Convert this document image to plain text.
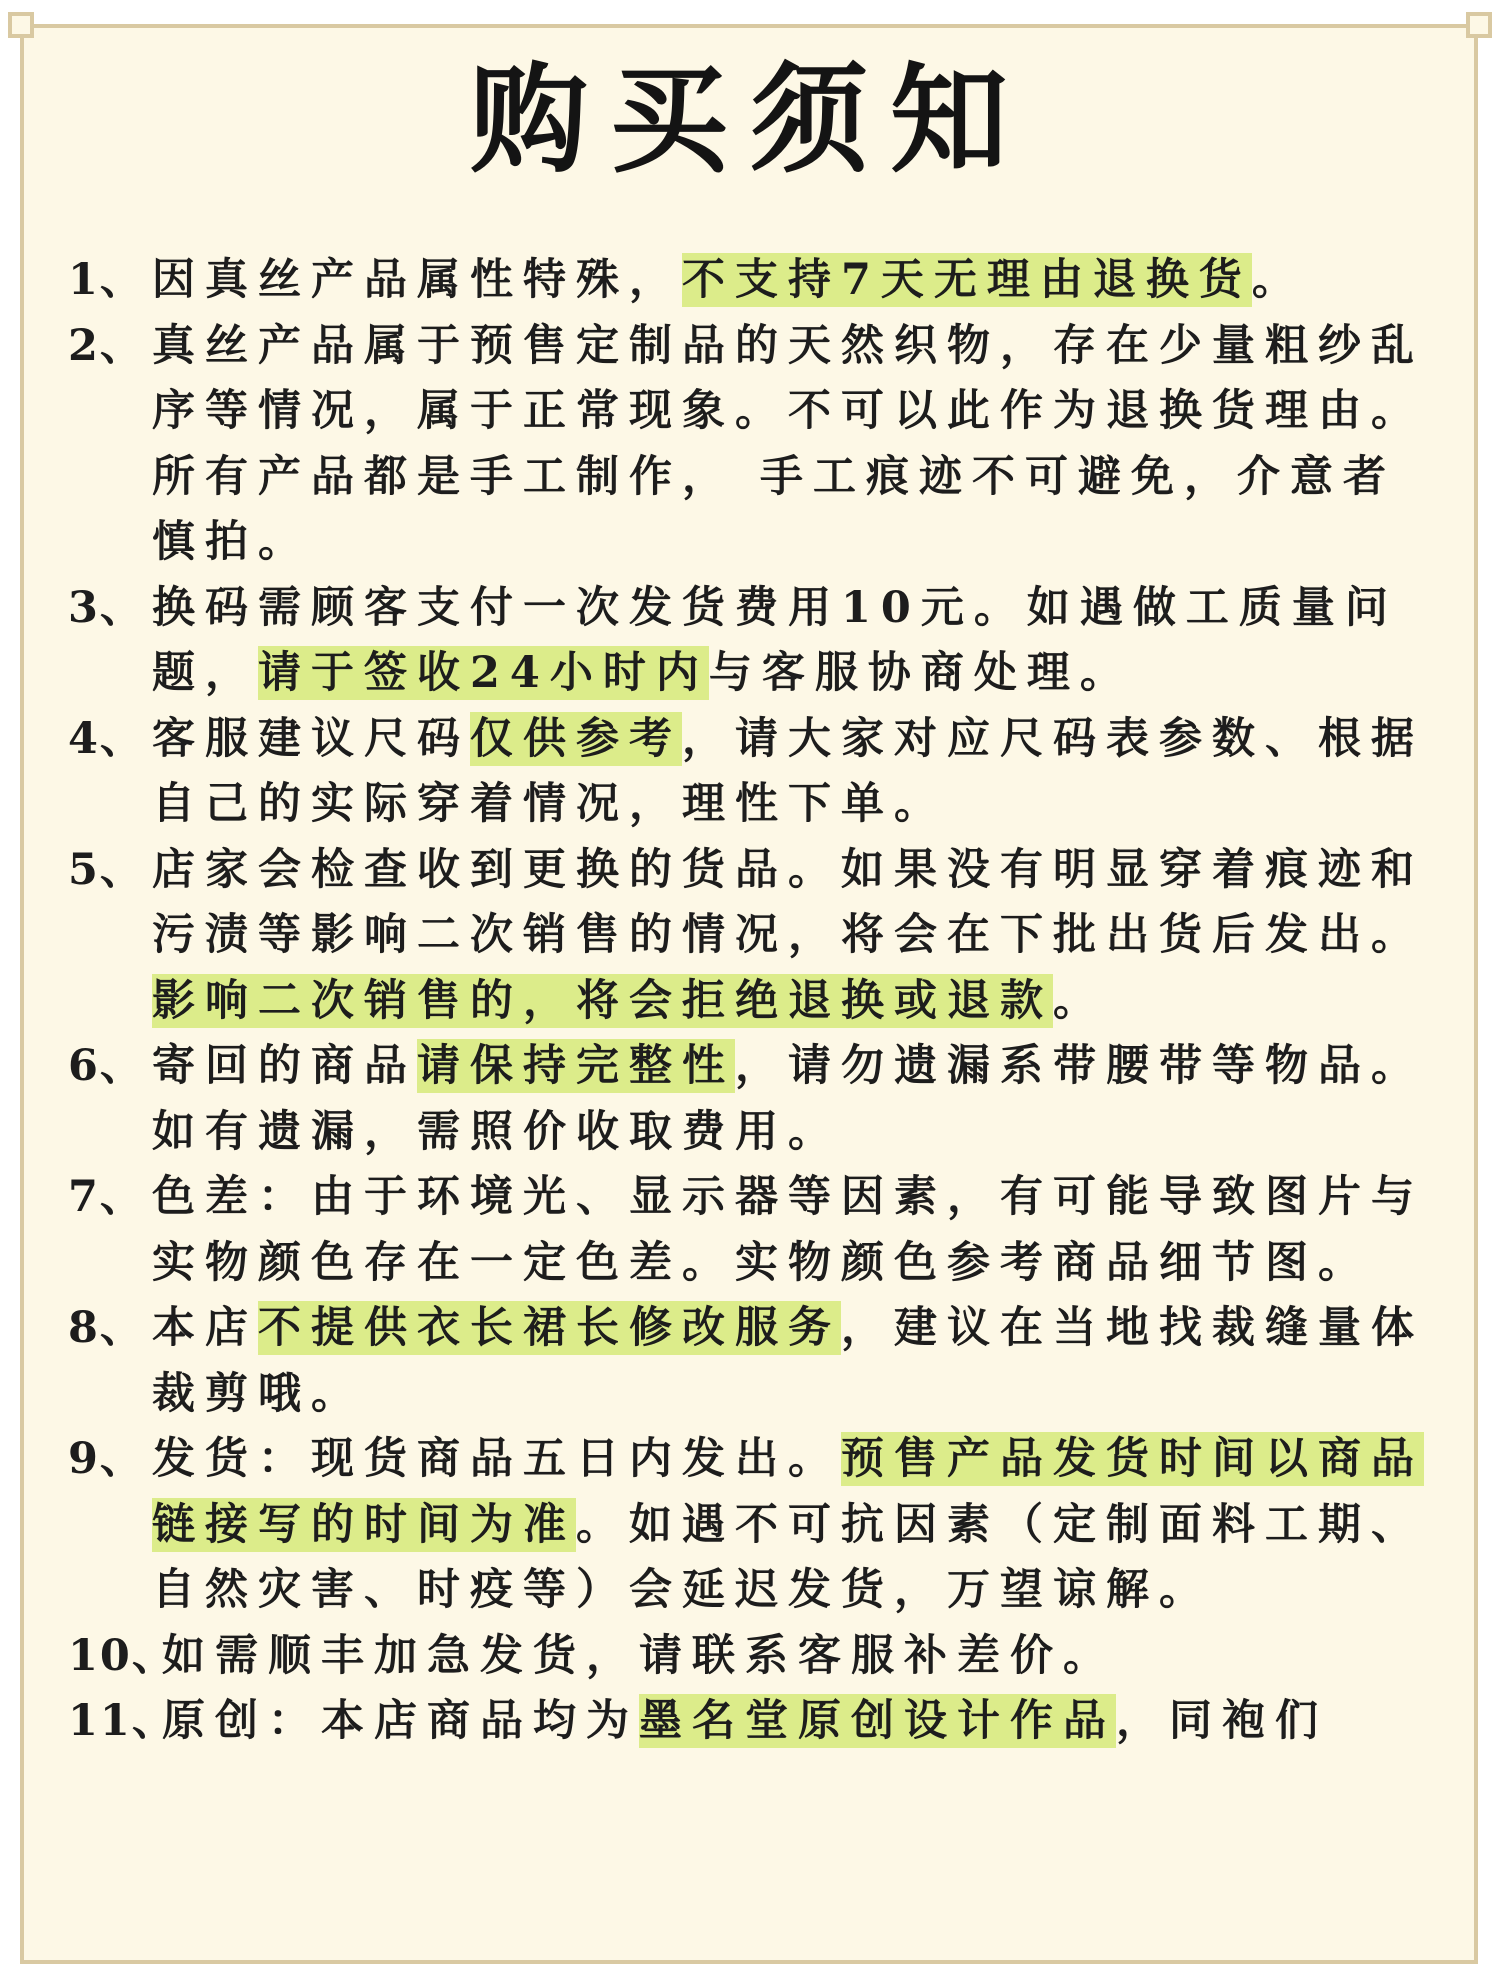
购买须知
1、 因真丝产品属性特殊，不支持7天无理由退换货。
2、 真丝产品属于预售定制品的天然织物，存在少量粗纱乱序等情况，属于正常现象。不可以此作为退换货理由。所有产品都是手工制作， 手工痕迹不可避免，介意者慎拍。
3、 换码需顾客支付一次发货费用10元。如遇做工质量问题，请于签收24小时内与客服协商处理。
4、 客服建议尺码仅供参考，请大家对应尺码表参数、根据自己的实际穿着情况，理性下单。
5、 店家会检查收到更换的货品。如果没有明显穿着痕迹和污渍等影响二次销售的情况，将会在下批出货后发出。影响二次销售的，将会拒绝退换或退款。
6、 寄回的商品请保持完整性，请勿遗漏系带腰带等物品。如有遗漏，需照价收取费用。
7、 色差：由于环境光、显示器等因素，有可能导致图片与实物颜色存在一定色差。实物颜色参考商品细节图。
8、 本店不提供衣长裙长修改服务，建议在当地找裁缝量体裁剪哦。
9、 发货：现货商品五日内发出。预售产品发货时间以商品链接写的时间为准。如遇不可抗因素（定制面料工期、自然灾害、时疫等）会延迟发货，万望谅解。
10、
如需顺丰加急发货，请联系客服补差价。
11、
原创：本店商品均为墨名堂原创设计作品，同袍们
